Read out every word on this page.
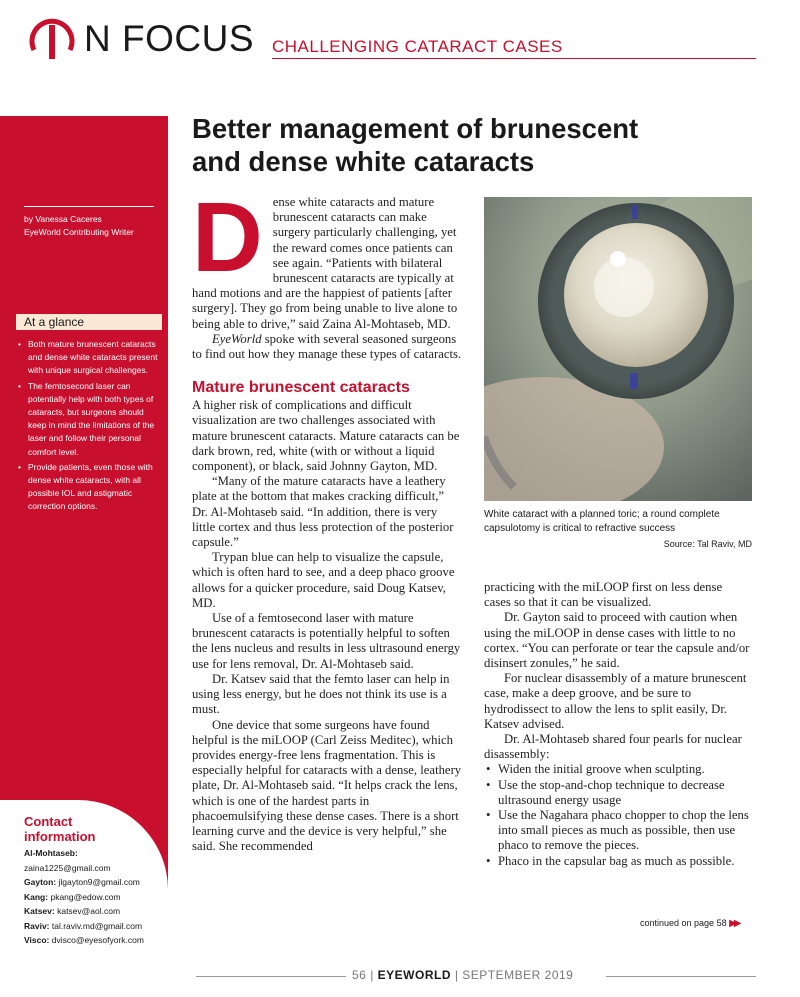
N FOCUS CHALLENGING CATARACT CASES
by Vanessa Caceres
EyeWorld Contributing Writer
At a glance
• Both mature brunescent cataracts and dense white cataracts present with unique surgical challenges.
• The femtosecond laser can potentially help with both types of cataracts, but surgeons should keep in mind the limitations of the laser and follow their personal comfort level.
• Provide patients, even those with dense white cataracts, with all possible IOL and astigmatic correction options.
Contact
information
Al-Mohtaseb:
zaina1225@gmail.com
Gayton: jlgayton9@gmail.com
Kang: pkang@edow.com
Katsev: katsev@aol.com
Raviv: tal.raviv.md@gmail.com
Visco: dvisco@eyesofyork.com
Better management of brunescent
and dense white cataracts

Dense white cataracts and mature brunescent cataracts can make surgery particularly challenging, yet the reward comes once patients can see again. “Patients with bilateral brunescent cataracts are typically at hand motions and are the happiest of patients [after surgery]. They go from being unable to live alone to being able to drive,” said Zaina Al-Mohtaseb, MD.

EyeWorld spoke with several seasoned surgeons to find out how they manage these types of cataracts.

Mature brunescent cataracts

A higher risk of complications and difficult visualization are two challenges associated with mature brunescent cataracts. Mature cataracts can be dark brown, red, white (with or without a liquid component), or black, said Johnny Gayton, MD.

“Many of the mature cataracts have a leathery plate at the bottom that makes cracking difficult,” Dr. Al-Mohtaseb said. “In addition, there is very little cortex and thus less protection of the posterior capsule.”

Trypan blue can help to visualize the capsule, which is often hard to see, and a deep phaco groove allows for a quicker procedure, said Doug Katsev, MD.

Use of a femtosecond laser with mature brunescent cataracts is potentially helpful to soften the lens nucleus and results in less ultrasound energy use for lens removal, Dr. Al-Mohtaseb said.

Dr. Katsev said that the femto laser can help in using less energy, but he does not think its use is a must.

One device that some surgeons have found helpful is the miLOOP (Carl Zeiss Meditec), which provides energy-free lens fragmentation. This is especially helpful for cataracts with a dense, leathery plate, Dr. Al-Mohtaseb said. “It helps crack the lens, which is one of the hardest parts in phacoemulsifying these dense cases. There is a short learning curve and the device is very helpful,” she said. She recommended

White cataract with a planned toric; a round complete capsulotomy is critical to refractive success
Source: Tal Raviv, MD

practicing with the miLOOP first on less dense cases so that it can be visualized.

Dr. Gayton said to proceed with caution when using the miLOOP in dense cases with little to no cortex. “You can perforate or tear the capsule and/or disinsert zonules,” he said.

For nuclear disassembly of a mature brunescent case, make a deep groove, and be sure to hydrodissect to allow the lens to split easily, Dr. Katsev advised.

Dr. Al-Mohtaseb shared four pearls for nuclear disassembly:

• Widen the initial groove when sculpting.
• Use the stop-and-chop technique to decrease ultrasound energy usage
• Use the Nagahara phaco chopper to chop the lens into small pieces as much as possible, then use phaco to remove the pieces.
• Phaco in the capsular bag as much as possible.
continued on page 58 ▶▶
56 | EYEWORLD | SEPTEMBER 2019
